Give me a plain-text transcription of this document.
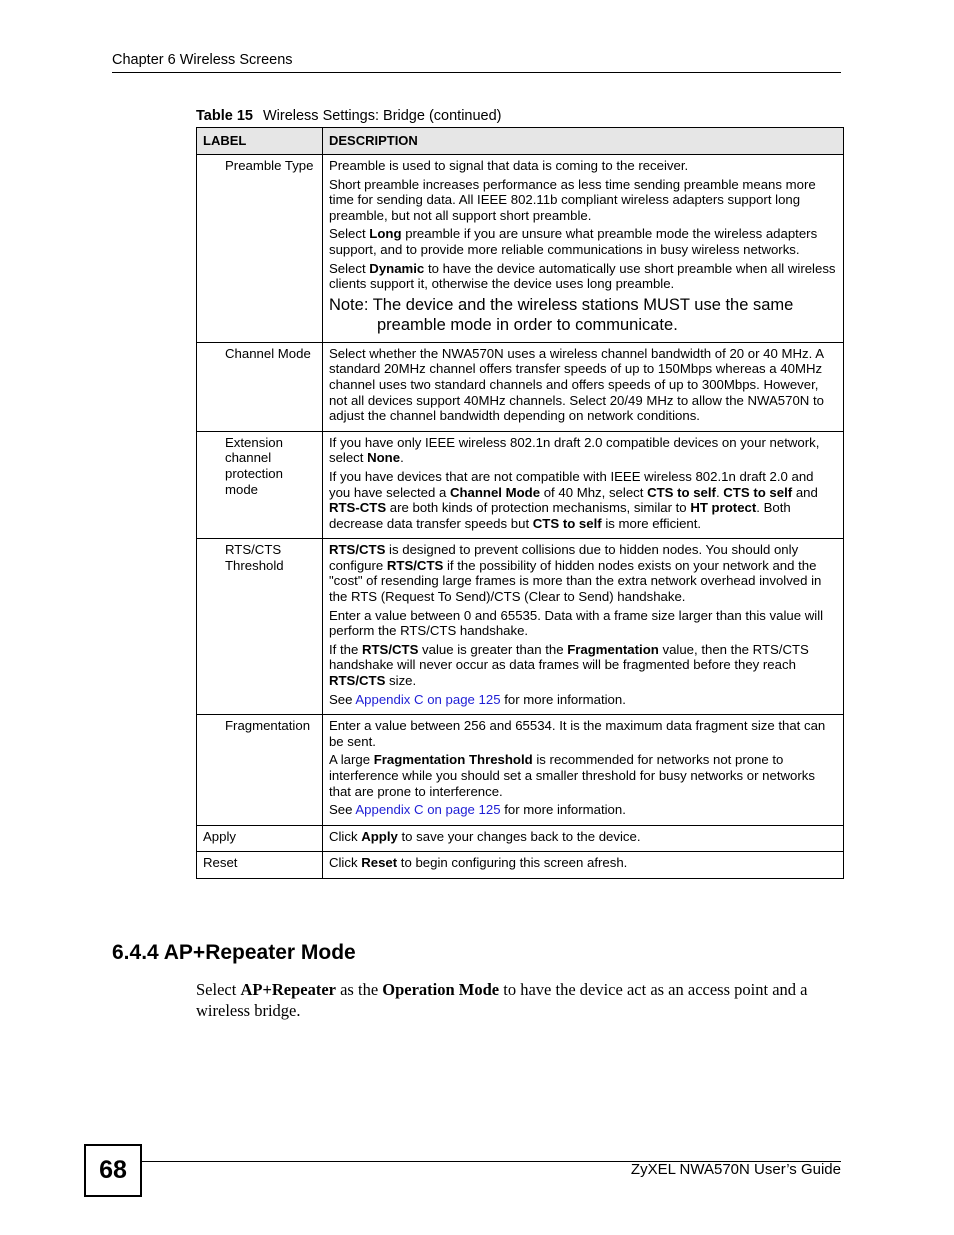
Chapter 6 Wireless Screens
Table 15 Wireless Settings: Bridge (continued)
LABEL	DESCRIPTION
Preamble Type	Preamble is used to signal that data is coming to the receiver.

Short preamble increases performance as less time sending preamble means more time for sending data. All IEEE 802.11b compliant wireless adapters support long preamble, but not all support short preamble.

Select Long preamble if you are unsure what preamble mode the wireless adapters support, and to provide more reliable communications in busy wireless networks.

Select Dynamic to have the device automatically use short preamble when all wireless clients support it, otherwise the device uses long preamble.

Note: The device and the wireless stations MUST use the same preamble mode in order to communicate.

Channel Mode	Select whether the NWA570N uses a wireless channel bandwidth of 20 or 40 MHz. A standard 20MHz channel offers transfer speeds of up to 150Mbps whereas a 40MHz channel uses two standard channels and offers speeds of up to 300Mbps. However, not all devices support 40MHz channels. Select 20/49 MHz to allow the NWA570N to adjust the channel bandwidth depending on network conditions.

Extension channel protection mode	If you have only IEEE wireless 802.1n draft 2.0 compatible devices on your network, select None.

If you have devices that are not compatible with IEEE wireless 802.1n draft 2.0 and you have selected a Channel Mode of 40 Mhz, select CTS to self. CTS to self and RTS-CTS are both kinds of protection mechanisms, similar to HT protect. Both decrease data transfer speeds but CTS to self is more efficient.

RTS/CTS Threshold	RTS/CTS is designed to prevent collisions due to hidden nodes. You should only configure RTS/CTS if the possibility of hidden nodes exists on your network and the "cost" of resending large frames is more than the extra network overhead involved in the RTS (Request To Send)/CTS (Clear to Send) handshake.

Enter a value between 0 and 65535. Data with a frame size larger than this value will perform the RTS/CTS handshake.

If the RTS/CTS value is greater than the Fragmentation value, then the RTS/CTS handshake will never occur as data frames will be fragmented before they reach RTS/CTS size.

See Appendix C on page 125 for more information.

Fragmentation	Enter a value between 256 and 65534. It is the maximum data fragment size that can be sent.

A large Fragmentation Threshold is recommended for networks not prone to interference while you should set a smaller threshold for busy networks or networks that are prone to interference.

See Appendix C on page 125 for more information.

Apply	Click Apply to save your changes back to the device.

Reset	Click Reset to begin configuring this screen afresh.

6.4.4 AP+Repeater Mode

Select AP+Repeater as the Operation Mode to have the device act as an access point and a wireless bridge.

68	ZyXEL NWA570N User’s Guide
